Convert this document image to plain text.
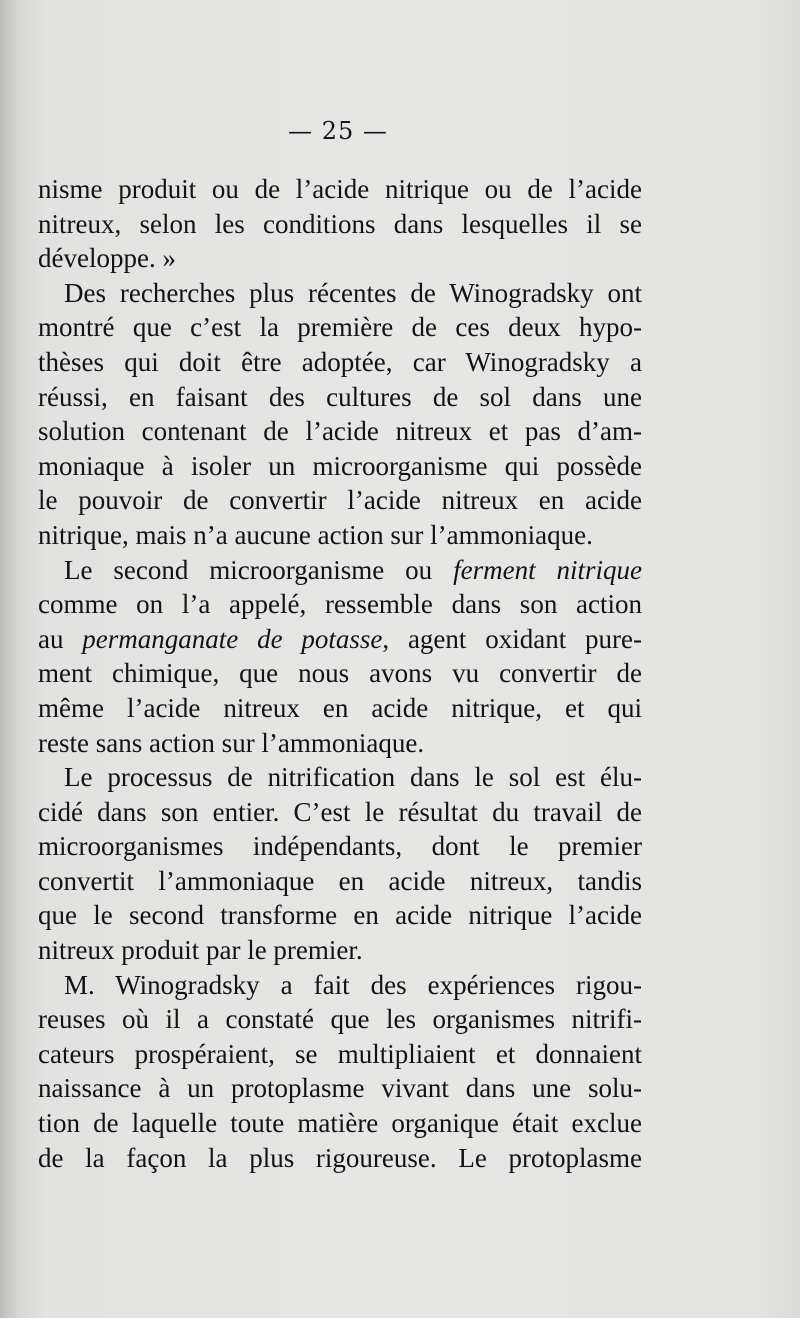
— 25 —
nisme produit ou de l’acide nitrique ou de l’acide
nitreux, selon les conditions dans lesquelles il se
développe. »
Des recherches plus récentes de Winogradsky ont
montré que c’est la première de ces deux hypo-
thèses qui doit être adoptée, car Winogradsky a
réussi, en faisant des cultures de sol dans une
solution contenant de l’acide nitreux et pas d’am-
moniaque à isoler un microorganisme qui possède
le pouvoir de convertir l’acide nitreux en acide
nitrique, mais n’a aucune action sur l’ammoniaque.
Le second microorganisme ou ferment nitrique
comme on l’a appelé, ressemble dans son action
au permanganate de potasse, agent oxidant pure-
ment chimique, que nous avons vu convertir de
même l’acide nitreux en acide nitrique, et qui
reste sans action sur l’ammoniaque.
Le processus de nitrification dans le sol est élu-
cidé dans son entier. C’est le résultat du travail de
microorganismes indépendants, dont le premier
convertit l’ammoniaque en acide nitreux, tandis
que le second transforme en acide nitrique l’acide
nitreux produit par le premier.
M. Winogradsky a fait des expériences rigou-
reuses où il a constaté que les organismes nitrifi-
cateurs prospéraient, se multipliaient et donnaient
naissance à un protoplasme vivant dans une solu-
tion de laquelle toute matière organique était exclue
de la façon la plus rigoureuse. Le protoplasme
